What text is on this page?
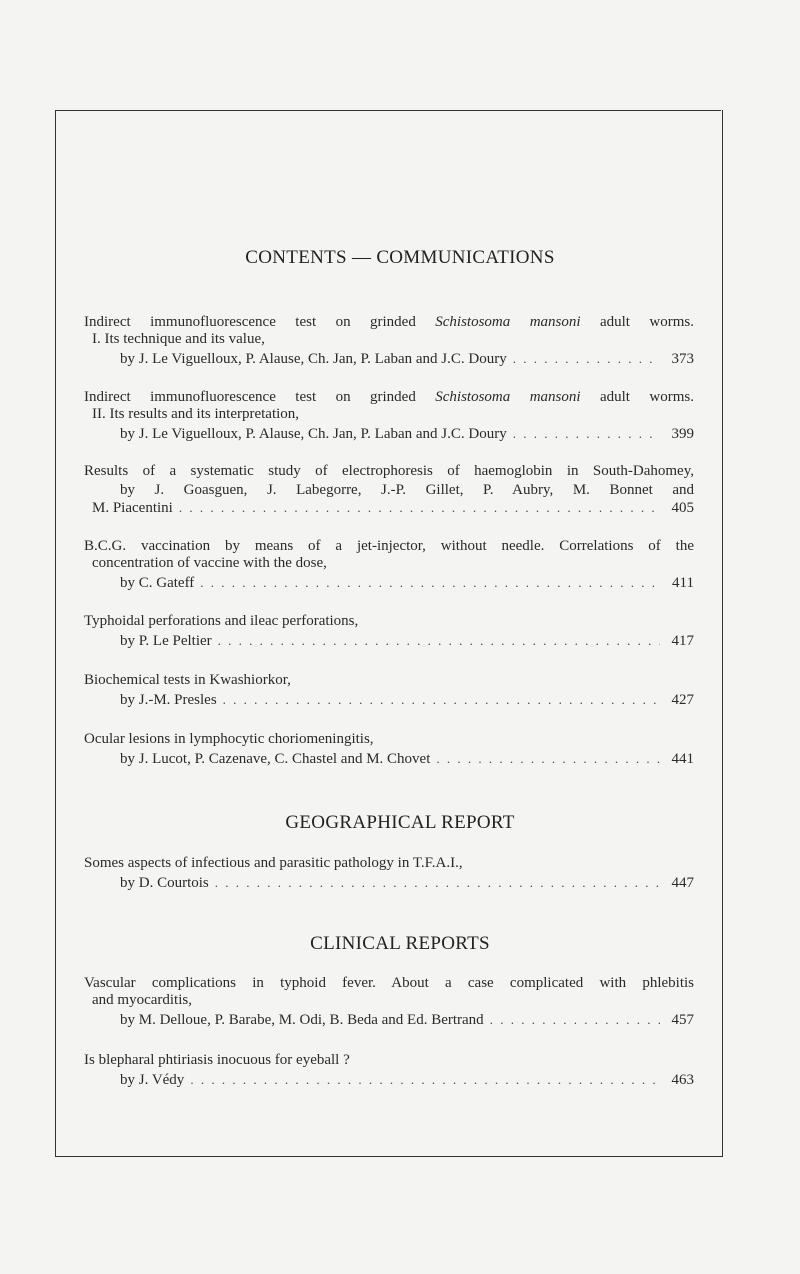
CONTENTS — COMMUNICATIONS
Indirect immunofluorescence test on grinded Schistosoma mansoni adult worms.
I. Its technique and its value,
by J. Le Viguelloux, P. Alause, Ch. Jan, P. Laban and J.C. Doury . . .	373
Indirect immunofluorescence test on grinded Schistosoma mansoni adult worms.
II. Its results and its interpretation,
by J. Le Viguelloux, P. Alause, Ch. Jan, P. Laban and J.C. Doury . . .	399
Results of a systematic study of electrophoresis of haemoglobin in South-Dahomey,
by J. Goasguen, J. Labegorre, J.-P. Gillet, P. Aubry, M. Bonnet and
M. Piacentini . . .	405
B.C.G. vaccination by means of a jet-injector, without needle. Correlations of the
concentration of vaccine with the dose,
by C. Gateff . . .	411
Typhoidal perforations and ileac perforations,
by P. Le Peltier . . .	417
Biochemical tests in Kwashiorkor,
by J.-M. Presles . . .	427
Ocular lesions in lymphocytic choriomeningitis,
by J. Lucot, P. Cazenave, C. Chastel and M. Chovet . . .	441
GEOGRAPHICAL REPORT
Somes aspects of infectious and parasitic pathology in T.F.A.I.,
by D. Courtois . . .	447
CLINICAL REPORTS
Vascular complications in typhoid fever. About a case complicated with phlebitis
and myocarditis,
by M. Delloue, P. Barabe, M. Odi, B. Beda and Ed. Bertrand . . .	457
Is blepharal phtiriasis inocuous for eyeball ?
by J. Védy . . .	463
